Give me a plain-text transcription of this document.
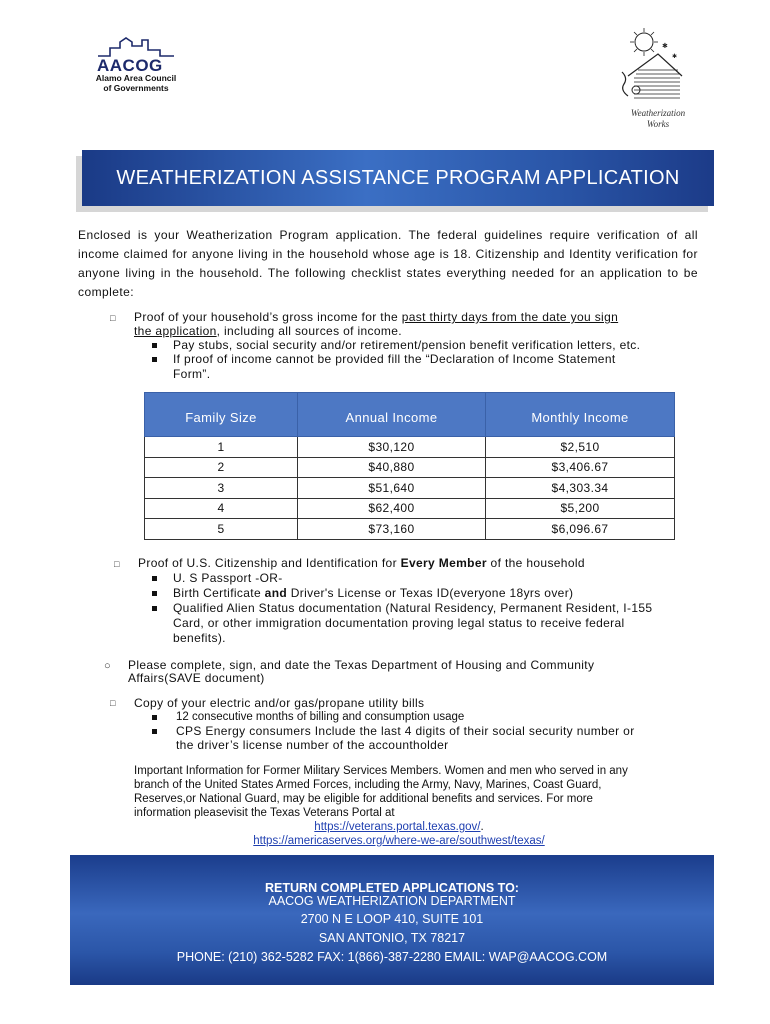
AACOG
Alamo Area Council
of Governments
✱
✱
Weatherization
Works
WEATHERIZATION ASSISTANCE PROGRAM APPLICATION
Enclosed is your Weatherization Program application. The federal guidelines require verification of all income claimed for anyone living in the household whose age is 18. Citizenship and Identity verification for anyone living in the household. The following checklist states everything needed for an application to be complete:
□ Proof of your household’s gross income for the past thirty days from the date you sign
the application, including all sources of income.
Pay stubs, social security and/or retirement/pension benefit verification letters, etc.
If proof of income cannot be provided fill the “Declaration of Income Statement
Form”.
Family Size	Annual Income	Monthly Income
1	$30,120	$2,510
2	$40,880	$3,406.67
3	$51,640	$4,303.34
4	$62,400	$5,200
5	$73,160	$6,096.67
□ Proof of U.S. Citizenship and Identification for Every Member of the household
U. S Passport -OR-
Birth Certificate and Driver's License or Texas ID(everyone 18yrs over)
Qualified Alien Status documentation (Natural Residency, Permanent Resident, I-155
Card, or other immigration documentation proving legal status to receive federal
benefits).
○ Please complete, sign, and date the Texas Department of Housing and Community
Affairs(SAVE document)
□ Copy of your electric and/or gas/propane utility bills
12 consecutive months of billing and consumption usage
CPS Energy consumers Include the last 4 digits of their social security number or
the driver’s license number of the accountholder
Important Information for Former Military Services Members. Women and men who served in any
branch of the United States Armed Forces, including the Army, Navy, Marines, Coast Guard,
Reserves,or National Guard, may be eligible for additional benefits and services. For more
information pleasevisit the Texas Veterans Portal at
https://veterans.portal.texas.gov/.
https://americaserves.org/where-we-are/southwest/texas/
RETURN COMPLETED APPLICATIONS TO:
AACOG WEATHERIZATION DEPARTMENT
2700 N E LOOP 410, SUITE 101
SAN ANTONIO, TX 78217
PHONE: (210) 362-5282 FAX: 1(866)-387-2280 EMAIL: WAP@AACOG.COM
